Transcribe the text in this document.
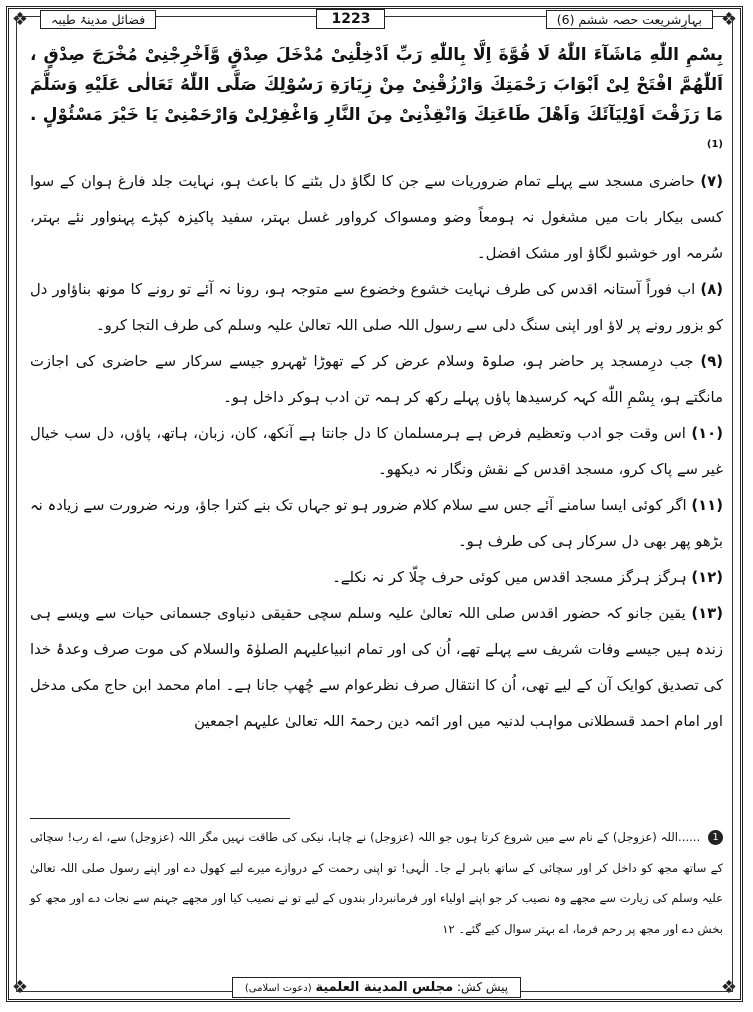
❖	❖
❖	❖
بہارِشریعت حصہ ششم (6)
1223
فضائل مدینۂ طیبہ
بِسْمِ اللّٰهِ مَاشَآءَ اللّٰهُ لَا قُوَّةَ اِلَّا بِاللّٰهِ رَبِّ اَدْخِلْنِیْ مُدْخَلَ صِدْقٍ وَّاَخْرِجْنِیْ مُخْرَجَ صِدْقٍ ، اَللّٰهُمَّ افْتَحْ لِیْ اَبْوَابَ رَحْمَتِكَ وَارْزُقْنِیْ مِنْ زِيَارَةِ رَسُوْلِكَ صَلَّی اللّٰهُ تَعَالٰی عَلَيْهِ وَسَلَّمَ مَا رَزَقْتَ اَوْلِيَآئَكَ وَاَهْلَ طَاعَتِكَ وَانْقِذْنِیْ مِنَ النَّارِ وَاغْفِرْلِیْ وَارْحَمْنِیْ يَا خَيْرَ مَسْئُوْلٍ . $^{(1)}$

(۷) حاضری مسجد سے پہلے تمام ضروریات سے جن کا لگاؤ دل بٹنے کا باعث ہو، نہایت جلد فارغ ہوان کے سوا کسی بیکار بات میں مشغول نہ ہومعاً وضو ومسواک کرواور غسل بہتر، سفید پاکیزہ کپڑے پہنواور نئے بہتر، سُرمہ اور خوشبو لگاؤ اور مشک افضل۔

(۸) اب فوراً آستانہ اقدس کی طرف نہایت خشوع وخضوع سے متوجہ ہو، رونا نہ آئے تو رونے کا مونھ بناؤاور دل کو بزور رونے پر لاؤ اور اپنی سنگ دلی سے رسول اللہ صلی اللہ تعالیٰ علیہ وسلم کی طرف التجا کرو۔

(۹) جب درِمسجد پر حاضر ہو، صلوۃ وسلام عرض کر کے تھوڑا ٹھہرو جیسے سرکار سے حاضری کی اجازت مانگتے ہو، بِسْمِ اللّٰه کہہ کرسیدھا پاؤں پہلے رکھ کر ہمہ تن ادب ہوکر داخل ہو۔

(۱۰) اس وقت جو ادب وتعظیم فرض ہے ہرمسلمان کا دل جانتا ہے آنکھ، کان، زبان، ہاتھ، پاؤں، دل سب خیال غیر سے پاک کرو، مسجد اقدس کے نقش ونگار نہ دیکھو۔

(۱۱) اگر کوئی ایسا سامنے آئے جس سے سلام کلام ضرور ہو تو جہاں تک بنے کترا جاؤ، ورنہ ضرورت سے زیادہ نہ بڑھو پھر بھی دل سرکار ہی کی طرف ہو۔

(۱۲) ہرگز ہرگز مسجد اقدس میں کوئی حرف چلّا کر نہ نکلے۔

(۱۳) یقین جانو کہ حضور اقدس صلی اللہ تعالیٰ علیہ وسلم سچی حقیقی دنیاوی جسمانی حیات سے ویسے ہی زندہ ہیں جیسے وفات شریف سے پہلے تھے، اُن کی اور تمام انبیاعلیہم الصلوٰۃ والسلام کی موت صرف وعدۂ خدا کی تصدیق کوایک آن کے لیے تھی، اُن کا انتقال صرف نظرعوام سے چُھپ جانا ہے۔ امام محمد ابن حاج مکی مدخل اور امام احمد قسطلانی مواہب لدنیہ میں اور ائمہ دین رحمۃ اللہ تعالیٰ علیہم اجمعین

1 ......اللہ (عزوجل) کے نام سے میں شروع کرتا ہوں جو اللہ (عزوجل) نے چاہا، نیکی کی طاقت نہیں مگر اللہ (عزوجل) سے، اے رب! سچائی کے ساتھ مجھ کو داخل کر اور سچائی کے ساتھ باہر لے جا۔ الٰہی! تو اپنی رحمت کے دروازے میرے لیے کھول دے اور اپنے رسول صلی اللہ تعالیٰ علیہ وسلم کی زیارت سے مجھے وہ نصیب کر جو اپنے اولیاء اور فرمانبردار بندوں کے لیے تو نے نصیب کیا اور مجھے جہنم سے نجات دے اور مجھ کو بخش دے اور مجھ پر رحم فرما، اے بہتر سوال کیے گئے۔ ۱۲
پیش کش: مجلس المدينة العلمية (دعوت اسلامی)
